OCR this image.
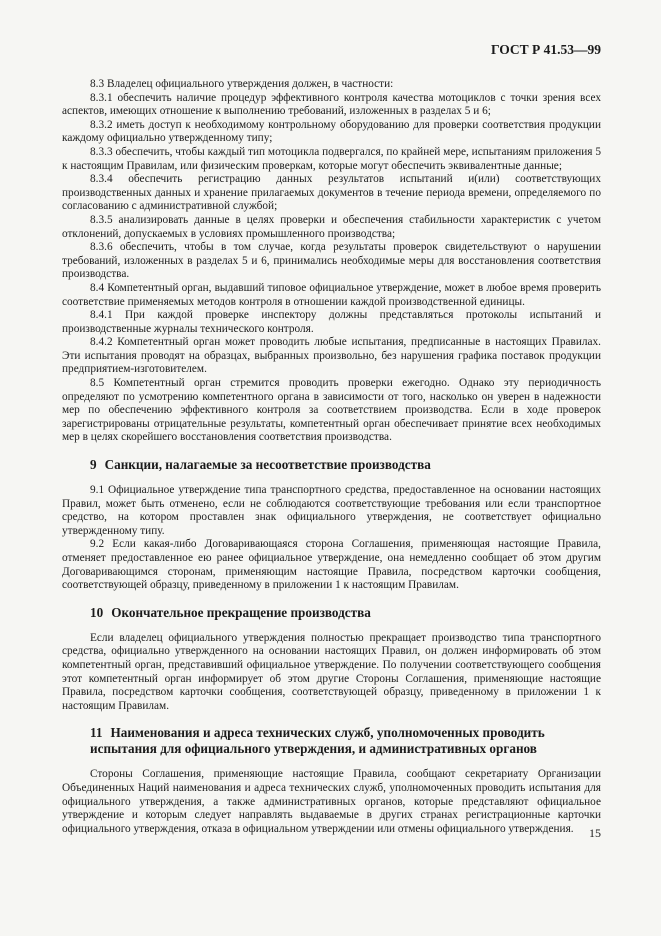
ГОСТ Р 41.53—99

8.3 Владелец официального утверждения должен, в частности:

8.3.1 обеспечить наличие процедур эффективного контроля качества мотоциклов с точки зрения всех аспектов, имеющих отношение к выполнению требований, изложенных в разделах 5 и 6;

8.3.2 иметь доступ к необходимому контрольному оборудованию для проверки соответствия продукции каждому официально утвержденному типу;

8.3.3 обеспечить, чтобы каждый тип мотоцикла подвергался, по крайней мере, испытаниям приложения 5 к настоящим Правилам, или физическим проверкам, которые могут обеспечить эквивалентные данные;

8.3.4 обеспечить регистрацию данных результатов испытаний и(или) соответствующих производственных данных и хранение прилагаемых документов в течение периода времени, определяемого по согласованию с административной службой;

8.3.5 анализировать данные в целях проверки и обеспечения стабильности характеристик с учетом отклонений, допускаемых в условиях промышленного производства;

8.3.6 обеспечить, чтобы в том случае, когда результаты проверок свидетельствуют о нарушении требований, изложенных в разделах 5 и 6, принимались необходимые меры для восстановления соответствия производства.

8.4 Компетентный орган, выдавший типовое официальное утверждение, может в любое время проверить соответствие применяемых методов контроля в отношении каждой производственной единицы.

8.4.1 При каждой проверке инспектору должны представляться протоколы испытаний и производственные журналы технического контроля.

8.4.2 Компетентный орган может проводить любые испытания, предписанные в настоящих Правилах. Эти испытания проводят на образцах, выбранных произвольно, без нарушения графика поставок продукции предприятием-изготовителем.

8.5 Компетентный орган стремится проводить проверки ежегодно. Однако эту периодичность определяют по усмотрению компетентного органа в зависимости от того, насколько он уверен в надежности мер по обеспечению эффективного контроля за соответствием производства. Если в ходе проверок зарегистрированы отрицательные результаты, компетентный орган обеспечивает принятие всех необходимых мер в целях скорейшего восстановления соответствия производства.

9 Санкции, налагаемые за несоответствие производства

9.1 Официальное утверждение типа транспортного средства, предоставленное на основании настоящих Правил, может быть отменено, если не соблюдаются соответствующие требования или если транспортное средство, на котором проставлен знак официального утверждения, не соответствует официально утвержденному типу.

9.2 Если какая-либо Договаривающаяся сторона Соглашения, применяющая настоящие Правила, отменяет предоставленное ею ранее официальное утверждение, она немедленно сообщает об этом другим Договаривающимся сторонам, применяющим настоящие Правила, посредством карточки сообщения, соответствующей образцу, приведенному в приложении 1 к настоящим Правилам.

10 Окончательное прекращение производства

Если владелец официального утверждения полностью прекращает производство типа транспортного средства, официально утвержденного на основании настоящих Правил, он должен информировать об этом компетентный орган, представивший официальное утверждение. По получении соответствующего сообщения этот компетентный орган информирует об этом другие Стороны Соглашения, применяющие настоящие Правила, посредством карточки сообщения, соответствующей образцу, приведенному в приложении 1 к настоящим Правилам.

11 Наименования и адреса технических служб, уполномоченных проводить
испытания для официального утверждения, и административных органов

Стороны Соглашения, применяющие настоящие Правила, сообщают секретариату Организации Объединенных Наций наименования и адреса технических служб, уполномоченных проводить испытания для официального утверждения, а также административных органов, которые представляют официальное утверждение и которым следует направлять выдаваемые в других странах регистрационные карточки официального утверждения, отказа в официальном утверждении или отмены официального утверждения.	15
